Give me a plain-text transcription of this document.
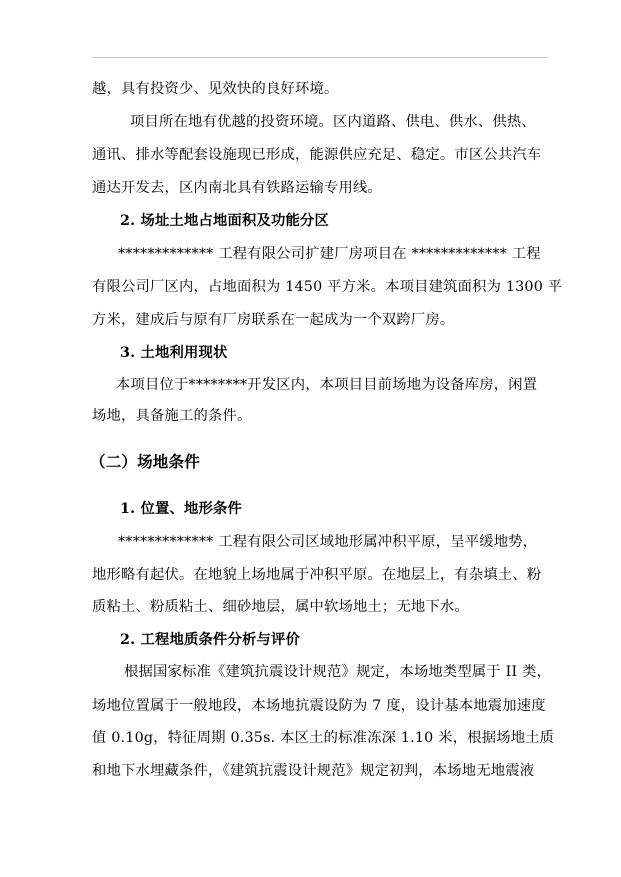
越，具有投资少、见效快的良好环境。
项目所在地有优越的投资环境。区内道路、供电、供水、供热、
通讯、排水等配套设施现已形成，能源供应充足、稳定。市区公共汽车
通达开发去，区内南北具有铁路运输专用线。
2. 场址土地占地面积及功能分区
************* 工程有限公司扩建厂房项目在 ************* 工程
有限公司厂区内，占地面积为 1450 平方米。本项目建筑面积为 1300 平
方米，建成后与原有厂房联系在一起成为一个双跨厂房。
3. 土地利用现状
本项目位于********开发区内，本项目目前场地为设备库房，闲置
场地，具备施工的条件。
（二）场地条件
1. 位置、地形条件
************* 工程有限公司区域地形属冲积平原，呈平缓地势，
地形略有起伏。在地貌上场地属于冲积平原。在地层上，有杂填土、粉
质粘土、粉质粘土、细砂地层，属中软场地土；无地下水。
2. 工程地质条件分析与评价
根据国家标准《建筑抗震设计规范》规定，本场地类型属于 II 类，
场地位置属于一般地段，本场地抗震设防为 7 度，设计基本地震加速度
值 0.10g，特征周期 0.35s. 本区土的标准冻深 1.10 米，根据场地土质
和地下水埋藏条件，《建筑抗震设计规范》规定初判，本场地无地震液
